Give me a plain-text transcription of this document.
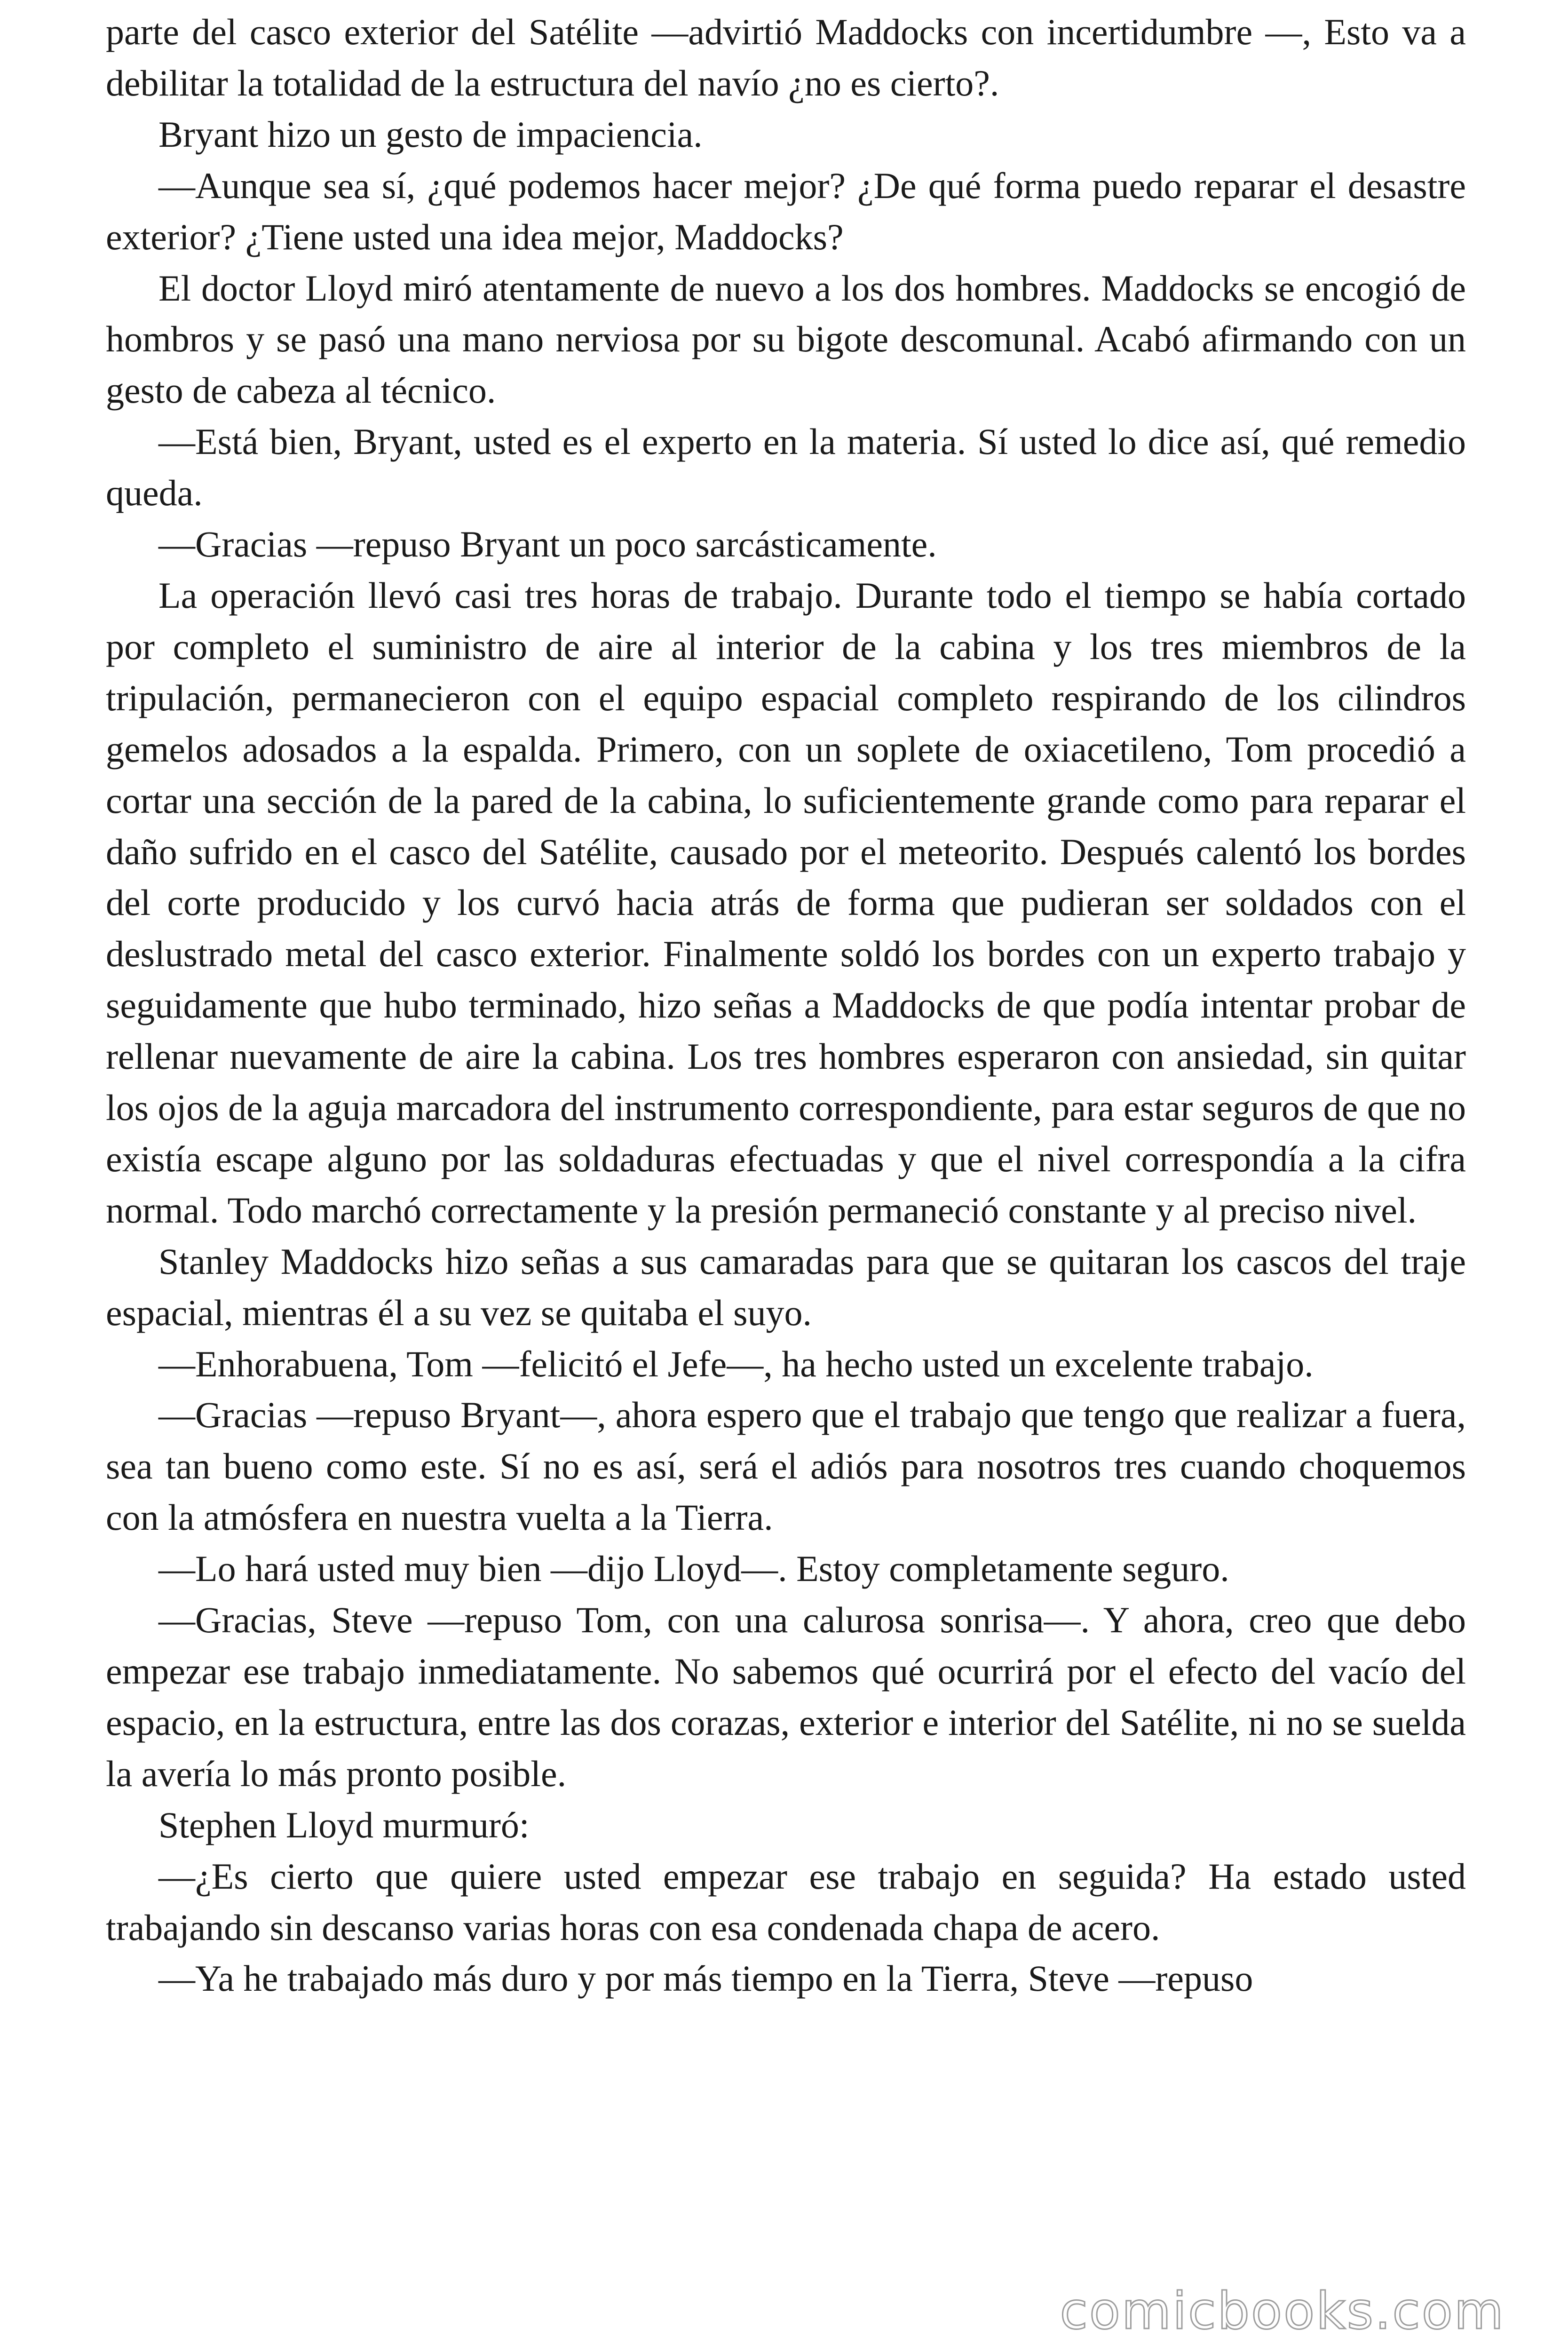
parte del casco exterior del Satélite —advirtió Maddocks con incertidumbre —, Esto va a debilitar la totalidad de la estructura del navío ¿no es cierto?.

Bryant hizo un gesto de impaciencia.

—Aunque sea sí, ¿qué podemos hacer mejor? ¿De qué forma puedo reparar el desastre exterior? ¿Tiene usted una idea mejor, Maddocks?

El doctor Lloyd miró atentamente de nuevo a los dos hombres. Maddocks se encogió de hombros y se pasó una mano nerviosa por su bigote descomunal. Acabó afirmando con un gesto de cabeza al técnico.

—Está bien, Bryant, usted es el experto en la materia. Sí usted lo dice así, qué remedio queda.

—Gracias —repuso Bryant un poco sarcásticamente.

La operación llevó casi tres horas de trabajo. Durante todo el tiempo se había cortado por completo el suministro de aire al interior de la cabina y los tres miembros de la tripulación, permanecieron con el equipo espacial completo respirando de los cilindros gemelos adosados a la espalda. Primero, con un soplete de oxiacetileno, Tom procedió a cortar una sección de la pared de la cabina, lo suficientemente grande como para reparar el daño sufrido en el casco del Satélite, causado por el meteorito. Después calentó los bordes del corte producido y los curvó hacia atrás de forma que pudieran ser soldados con el deslustrado metal del casco exterior. Finalmente soldó los bordes con un experto trabajo y seguidamente que hubo terminado, hizo señas a Maddocks de que podía intentar probar de rellenar nuevamente de aire la cabina. Los tres hombres esperaron con ansiedad, sin quitar los ojos de la aguja marcadora del instrumento correspondiente, para estar seguros de que no existía escape alguno por las soldaduras efectuadas y que el nivel correspondía a la cifra normal. Todo marchó correctamente y la presión permaneció constante y al preciso nivel.

Stanley Maddocks hizo señas a sus camaradas para que se quitaran los cascos del traje espacial, mientras él a su vez se quitaba el suyo.

—Enhorabuena, Tom —felicitó el Jefe—, ha hecho usted un excelente trabajo.

—Gracias —repuso Bryant—, ahora espero que el trabajo que tengo que realizar a fuera, sea tan bueno como este. Sí no es así, será el adiós para nosotros tres cuando choquemos con la atmósfera en nuestra vuelta a la Tierra.

—Lo hará usted muy bien —dijo Lloyd—. Estoy completamente seguro.

—Gracias, Steve —repuso Tom, con una calurosa sonrisa—. Y ahora, creo que debo empezar ese trabajo inmediatamente. No sabemos qué ocurrirá por el efecto del vacío del espacio, en la estructura, entre las dos corazas, exterior e interior del Satélite, ni no se suelda la avería lo más pronto posible.

Stephen Lloyd murmuró:

—¿Es cierto que quiere usted empezar ese trabajo en seguida? Ha estado usted trabajando sin descanso varias horas con esa condenada chapa de acero.

—Ya he trabajado más duro y por más tiempo en la Tierra, Steve —repuso

comicbooks.com
